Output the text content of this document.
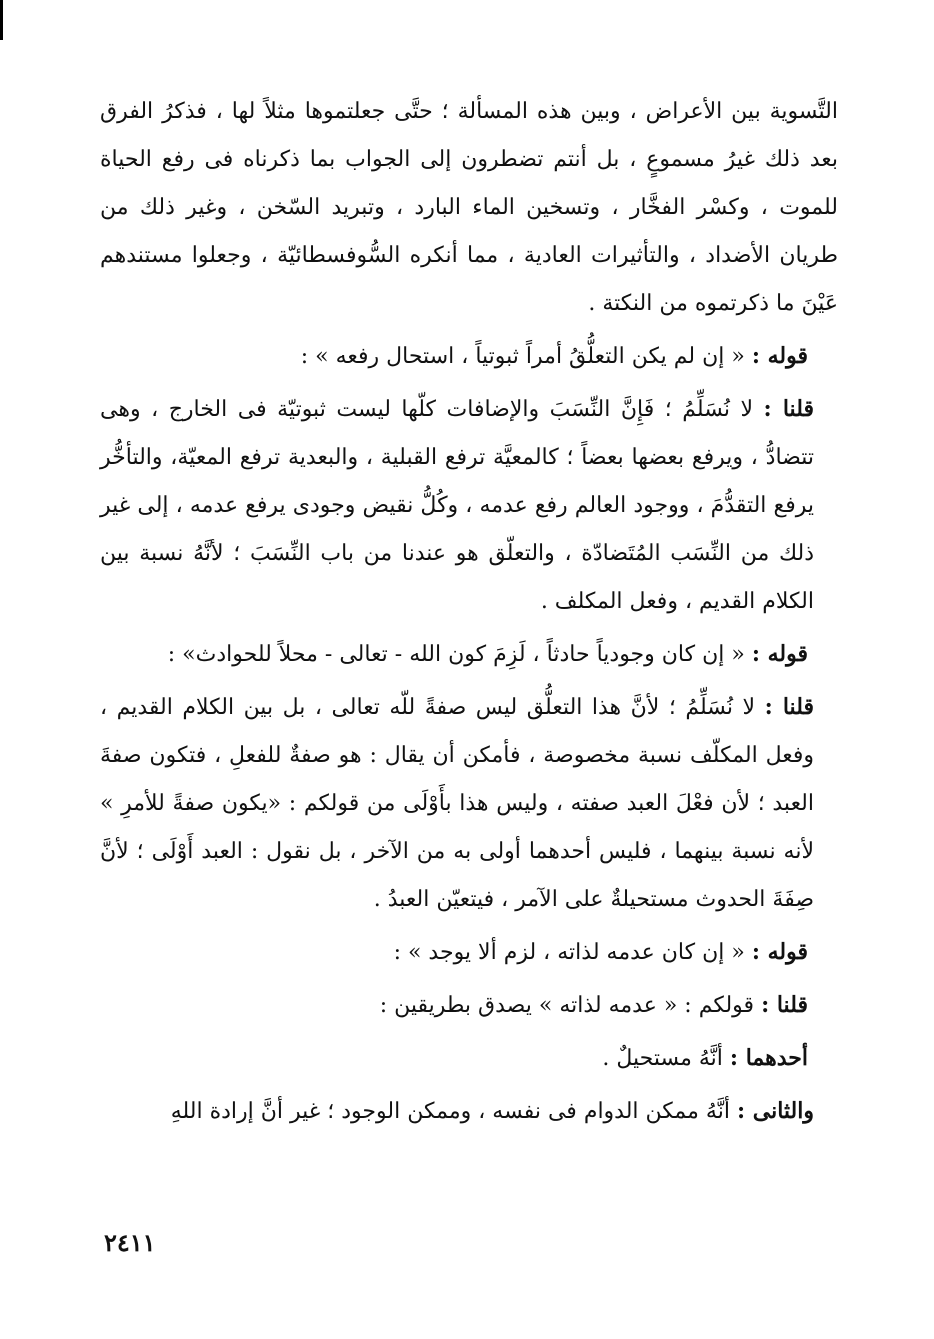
التَّسوية بين الأعراض ، وبين هذه المسألة ؛ حتَّى جعلتموها مثلاً لها ، فذكرُ الفرق بعد ذلك غيرُ مسموعٍ ، بل أنتم تضطرون إلى الجواب بما ذكرناه فى رفع الحياة للموت ، وكسْر الفخَّار ، وتسخين الماء البارد ، وتبريد السّخن ، وغير ذلك من طريان الأضداد ، والتأثيرات العادية ، مما أنكره السُّوفسطائيّة ، وجعلوا مستندهم عَيْنَ ما ذكرتموه من النكتة .

قوله : « إن لم يكن التعلُّقُ أمراً ثبوتياً ، استحال رفعه » :

قلنا : لا نُسَلِّمُ ؛ فَإِنَّ النِّسَبَ والإضافات كلّها ليست ثبوتيّة فى الخارج ، وهى تتضادُّ ، ويرفع بعضها بعضاً ؛ كالمعيَّة ترفع القبلية ، والبعدية ترفع المعيّة، والتأخُّر يرفع التقدُّمَ ، ووجود العالم رفع عدمه ، وكُلُّ نقيض وجودى يرفع عدمه ، إلى غير ذلك من النِّسَب المُتَضادّة ، والتعلّق هو عندنا من باب النِّسَبَ ؛ لأنَّهُ نسبة بين الكلام القديم ، وفعل المكلف .

قوله : « إن كان وجودياً حادثاً ، لَزِمَ كون الله - تعالى - محلاً للحوادث» :

قلنا : لا نُسَلِّمُ ؛ لأنَّ هذا التعلُّق ليس صفةً للّه تعالى ، بل بين الكلام القديم ، وفعل المكلّف نسبة مخصوصة ، فأمكن أن يقال : هو صفةٌ للفعلِ ، فتكون صفةَ العبد ؛ لأن فعْلَ العبد صفته ، وليس هذا بأَوْلَى من قولكم : «يكون صفةً للأمرِ » لأنه نسبة بينهما ، فليس أحدهما أولى به من الآخر ، بل نقول : العبد أَوْلَى ؛ لأنَّ صِفَةَ الحدوث مستحيلةٌ على الآمر ، فيتعيّن العبدُ .

قوله : « إن كان عدمه لذاته ، لزم ألا يوجد » :

قلنا : قولكم : « عدمه لذاته » يصدق بطريقين :

أحدهما : أنَّهُ مستحيلٌ .

والثانى : أنَّهُ ممكن الدوام فى نفسه ، وممكن الوجود ؛ غير أنَّ إرادة اللهِ

٢٤١١
